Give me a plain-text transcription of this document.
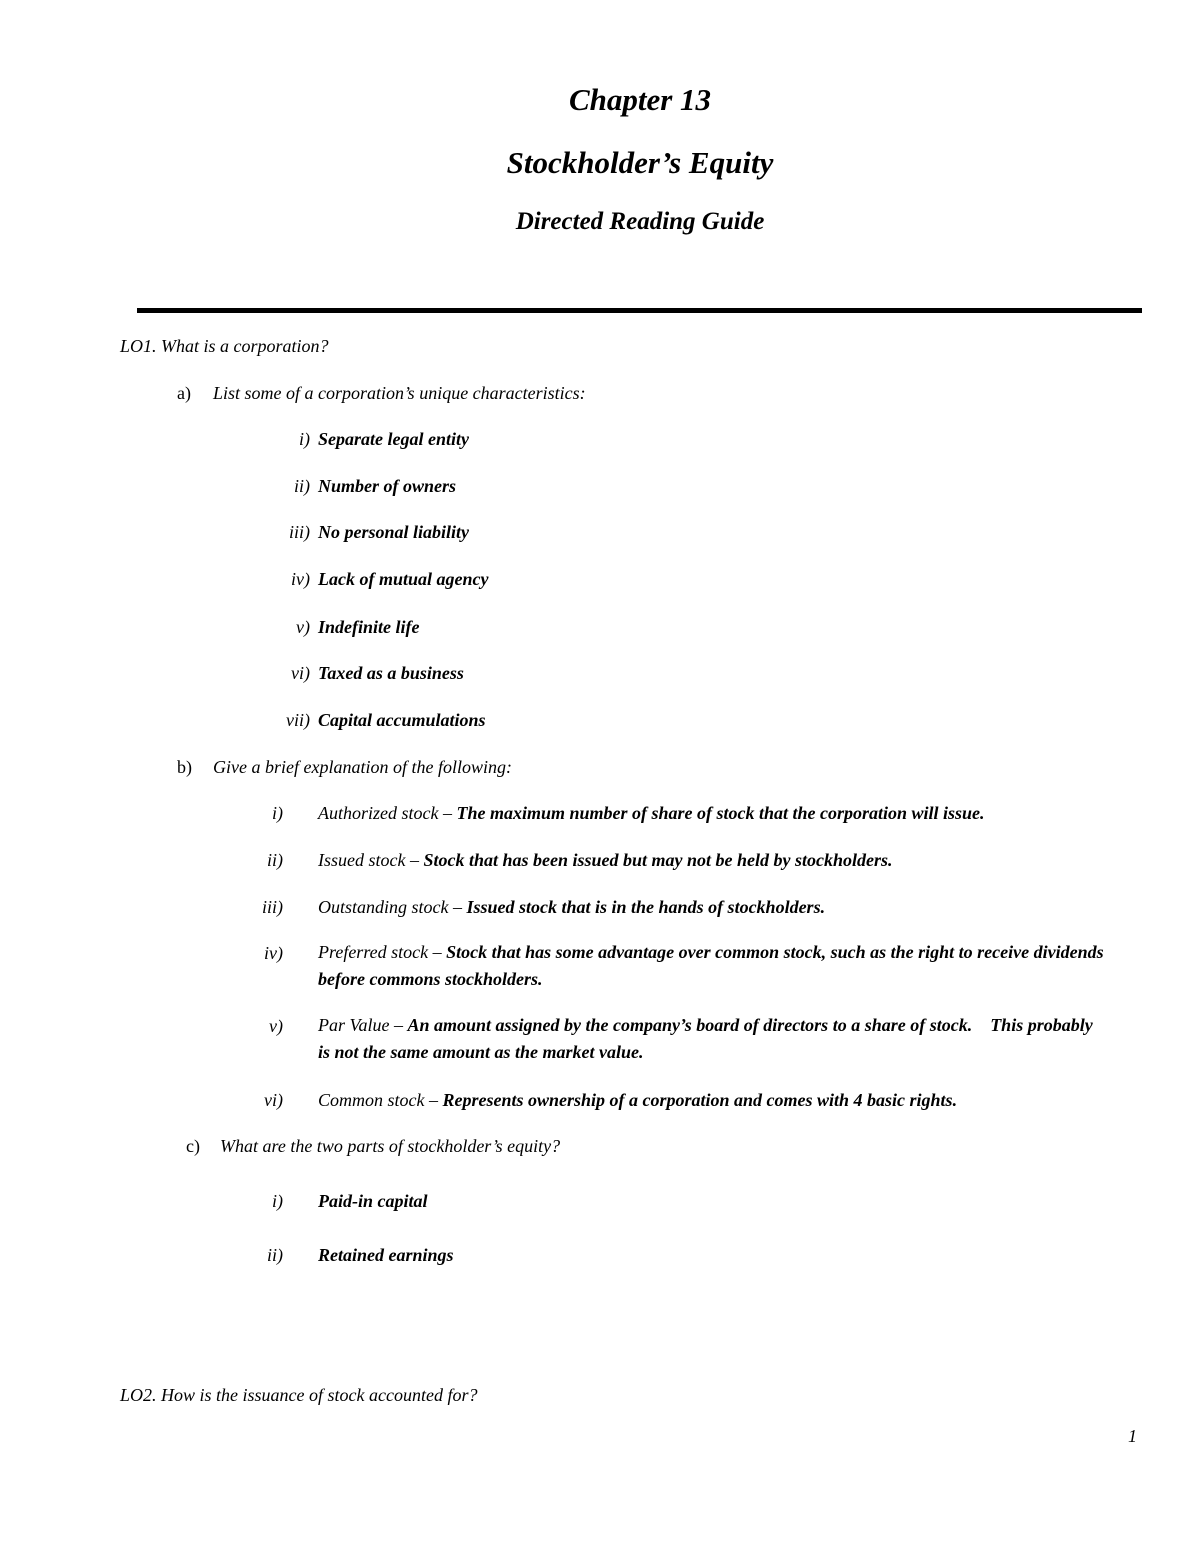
Chapter 13
Stockholder’s Equity
Directed Reading Guide
LO1. What is a corporation?
a) List some of a corporation’s unique characteristics:
i) Separate legal entity
ii) Number of owners
iii) No personal liability
iv) Lack of mutual agency
v) Indefinite life
vi) Taxed as a business
vii) Capital accumulations
b) Give a brief explanation of the following:
i) Authorized stock – The maximum number of share of stock that the corporation will issue.
ii) Issued stock – Stock that has been issued but may not be held by stockholders.
iii) Outstanding stock – Issued stock that is in the hands of stockholders.
iv) Preferred stock – Stock that has some advantage over common stock, such as the right to receive dividends before commons stockholders.
v) Par Value – An amount assigned by the company’s board of directors to a share of stock.    This probably is not the same amount as the market value.
vi) Common stock – Represents ownership of a corporation and comes with 4 basic rights.
c) What are the two parts of stockholder’s equity?
i) Paid-in capital
ii) Retained earnings
LO2. How is the issuance of stock accounted for?
1
